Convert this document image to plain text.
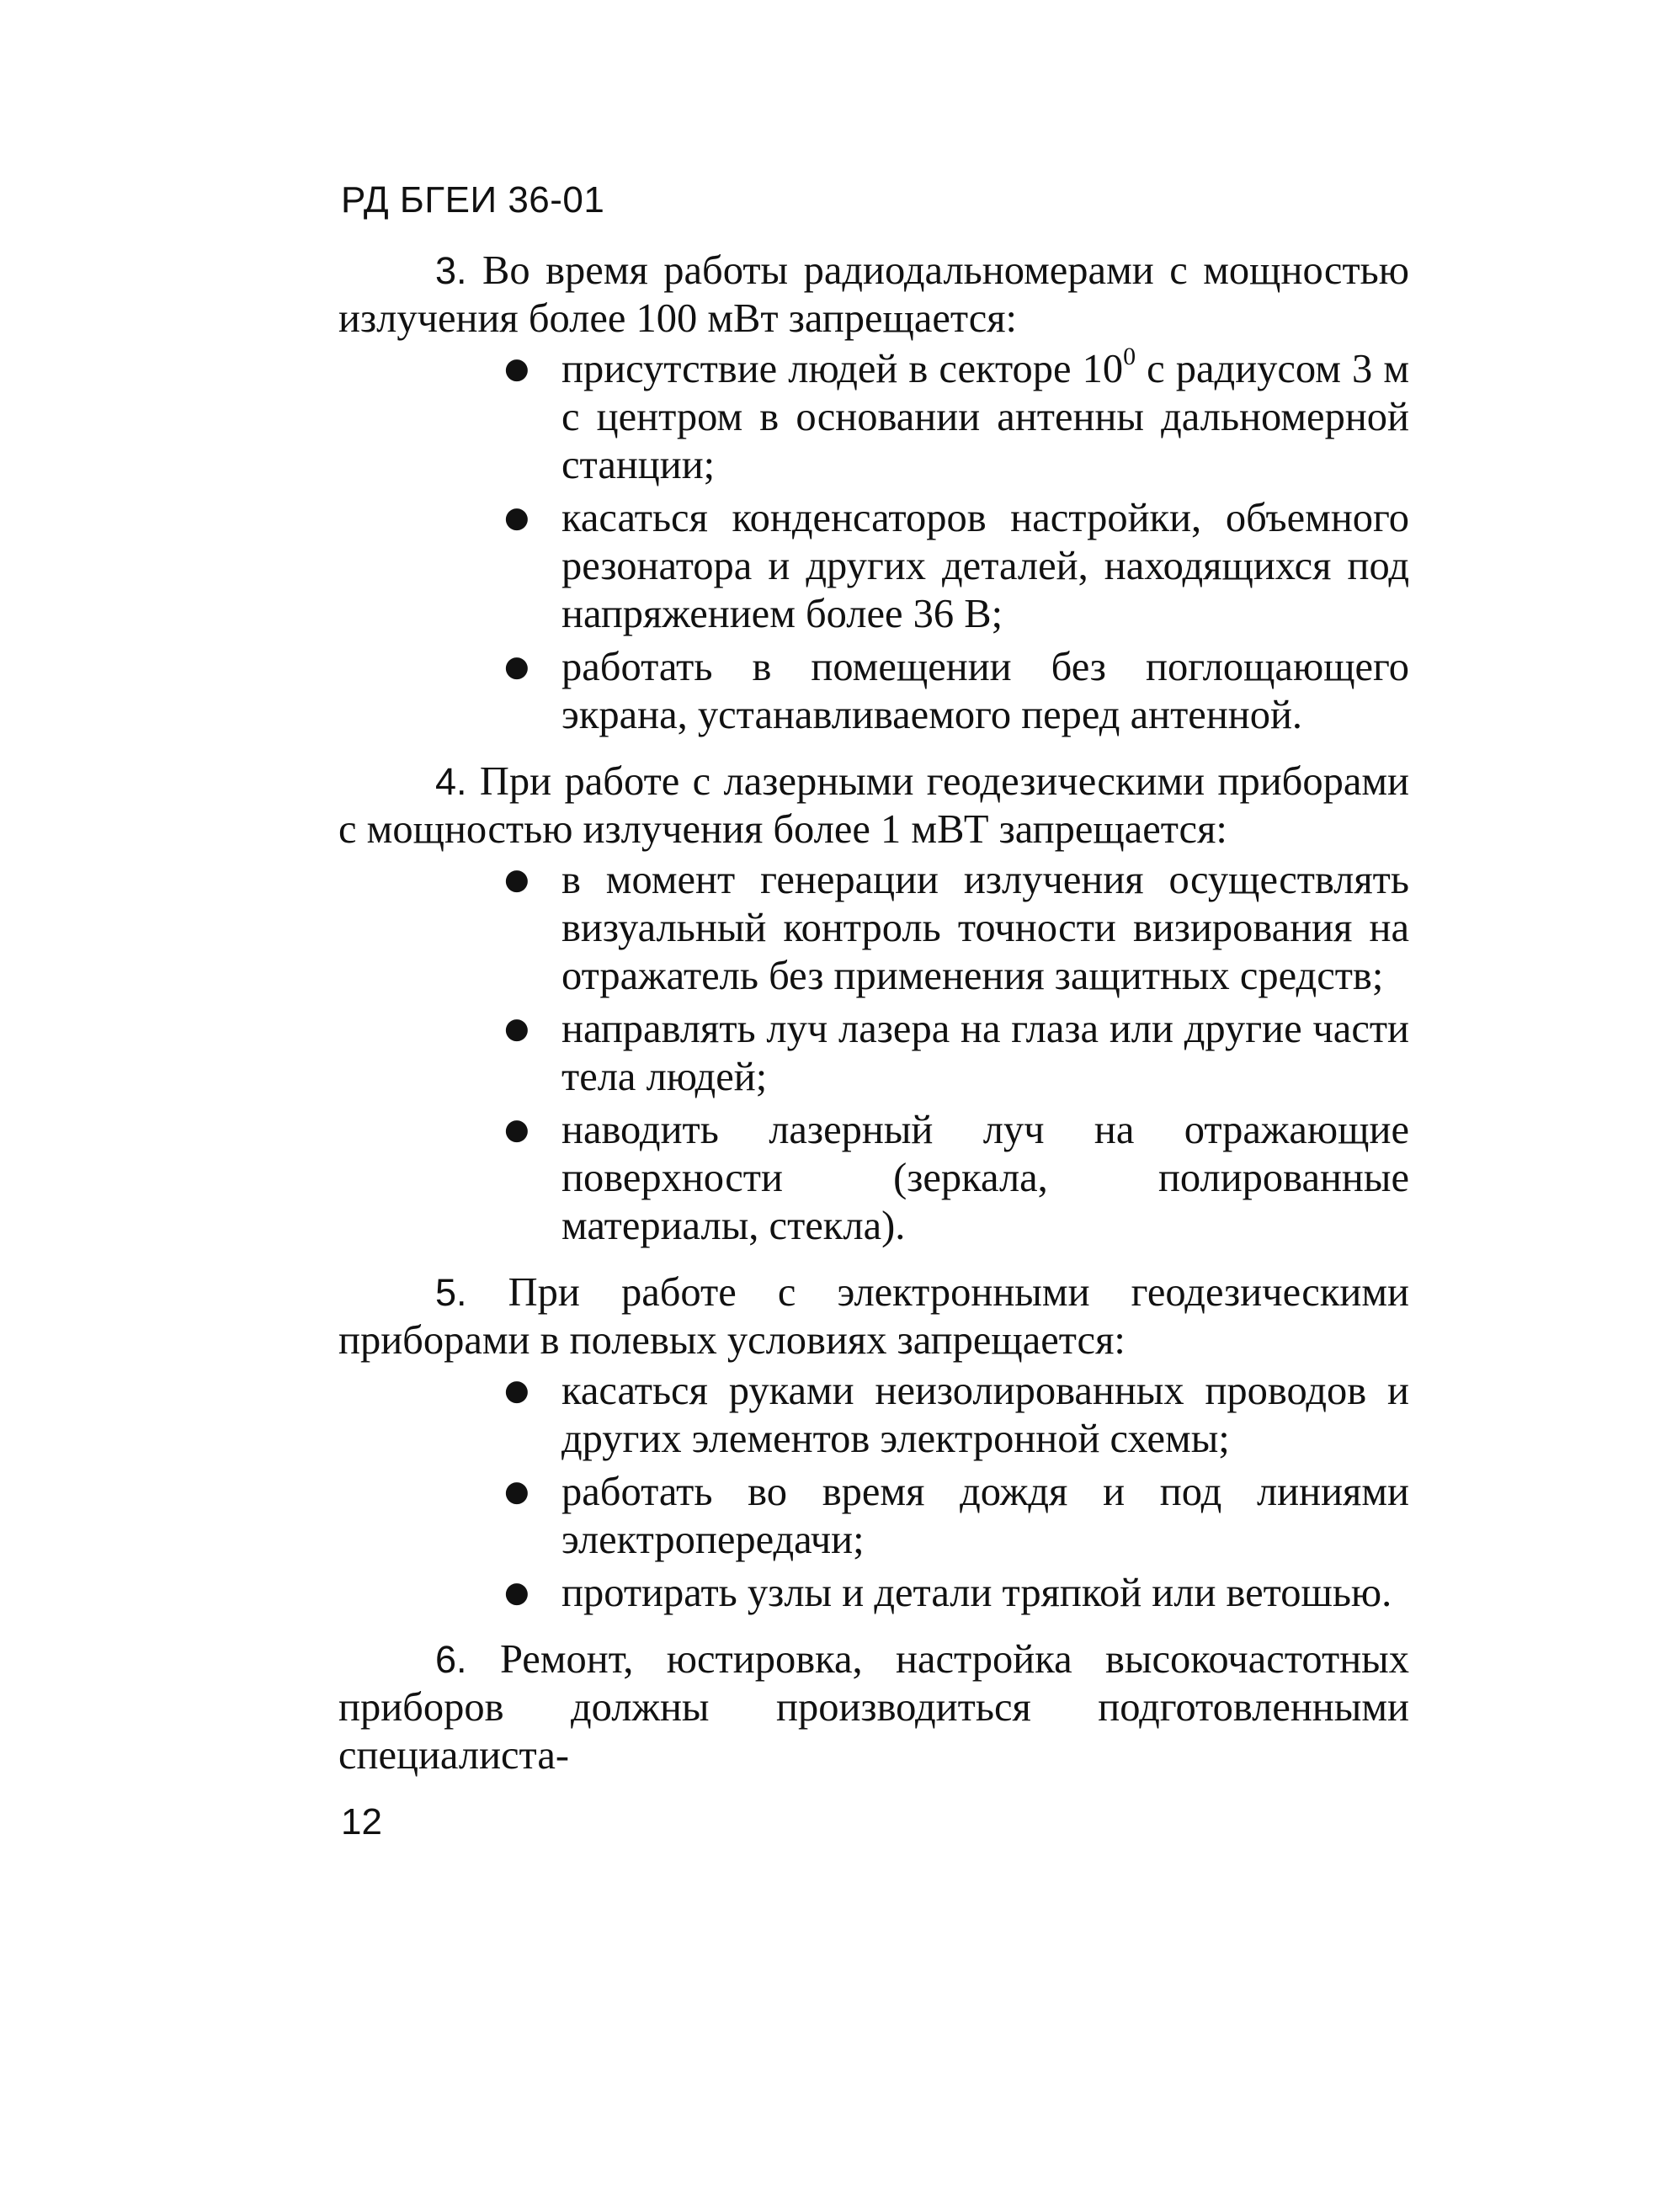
РД БГЕИ 36-01

3. Во время работы радиодальномерами с мощностью излучения более 100 мВт запрещается:

● присутствие людей в секторе $10^0$ с радиусом 3 м с центром в основании антенны дальномерной станции;
● касаться конденсаторов настройки, объемного резонатора и других деталей, находящихся под напряжением более 36 В;
● работать в помещении без поглощающего экрана, устанавливаемого перед антенной.

4. При работе с лазерными геодезическими приборами с мощностью излучения более 1 мВТ запрещается:

● в момент генерации излучения осуществлять визуальный контроль точности визирования на отражатель без применения защитных средств;
● направлять луч лазера на глаза или другие части тела людей;
● наводить лазерный луч на отражающие поверхности (зеркала, полированные материалы, стекла).

5. При работе с электронными геодезическими приборами в полевых условиях запрещается:

● касаться руками неизолированных проводов и других элементов электронной схемы;
● работать во время дождя и под линиями электропередачи;
● протирать узлы и детали тряпкой или ветошью.

6. Ремонт, юстировка, настройка высокочастотных приборов должны производиться подготовленными специалиста-

12
